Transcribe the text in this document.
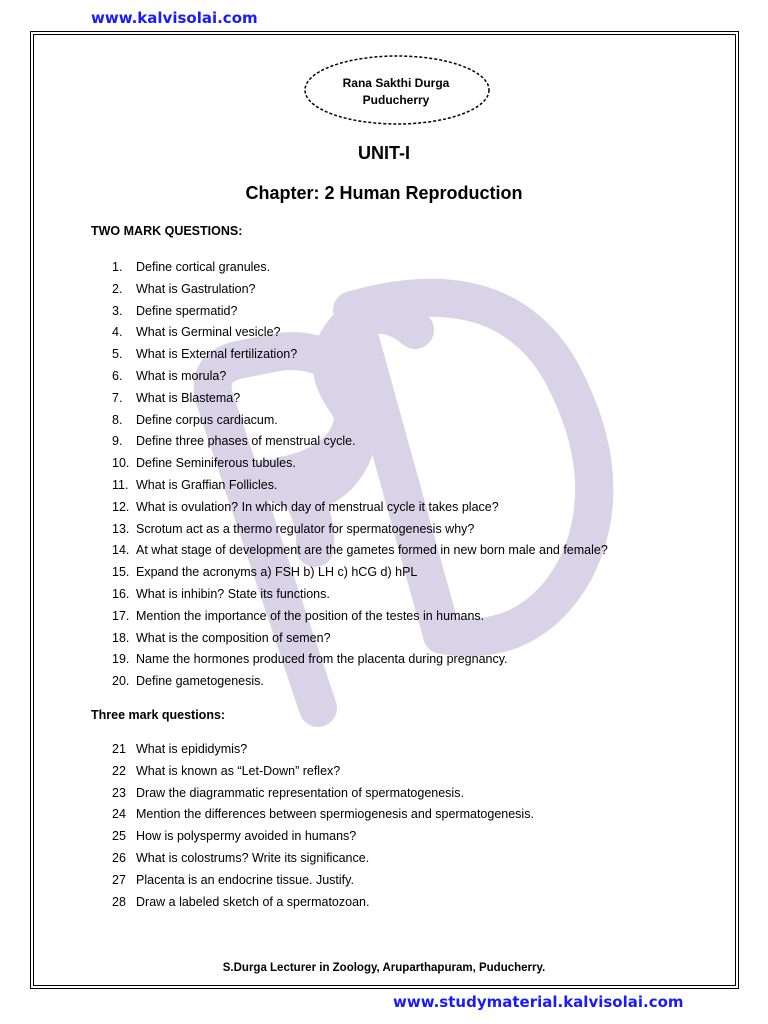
www.kalvisolai.com
Rana Sakthi Durga
Puducherry
UNIT-I
Chapter: 2 Human Reproduction
TWO MARK QUESTIONS:
1. Define cortical granules.
2. What is Gastrulation?
3. Define spermatid?
4. What is Germinal vesicle?
5. What is External fertilization?
6. What is morula?
7. What is Blastema?
8. Define corpus cardiacum.
9. Define three phases of menstrual cycle.
10. Define Seminiferous tubules.
11. What is Graffian Follicles.
12. What is ovulation? In which day of menstrual cycle it takes place?
13. Scrotum act as a thermo regulator for spermatogenesis why?
14. At what stage of development are the gametes formed in new born male and female?
15. Expand the acronyms a) FSH b) LH c) hCG d) hPL
16. What is inhibin? State its functions.
17. Mention the importance of the position of the testes in humans.
18. What is the composition of semen?
19. Name the hormones produced from the placenta during pregnancy.
20. Define gametogenesis.
Three mark questions:
21 What is epididymis?
22 What is known as “Let-Down” reflex?
23 Draw the diagrammatic representation of spermatogenesis.
24 Mention the differences between spermiogenesis and spermatogenesis.
25 How is polyspermy avoided in humans?
26 What is colostrums? Write its significance.
27 Placenta is an endocrine tissue. Justify.
28 Draw a labeled sketch of a spermatozoan.
S.Durga Lecturer in Zoology, Aruparthapuram, Puducherry.
www.studymaterial.kalvisolai.com
